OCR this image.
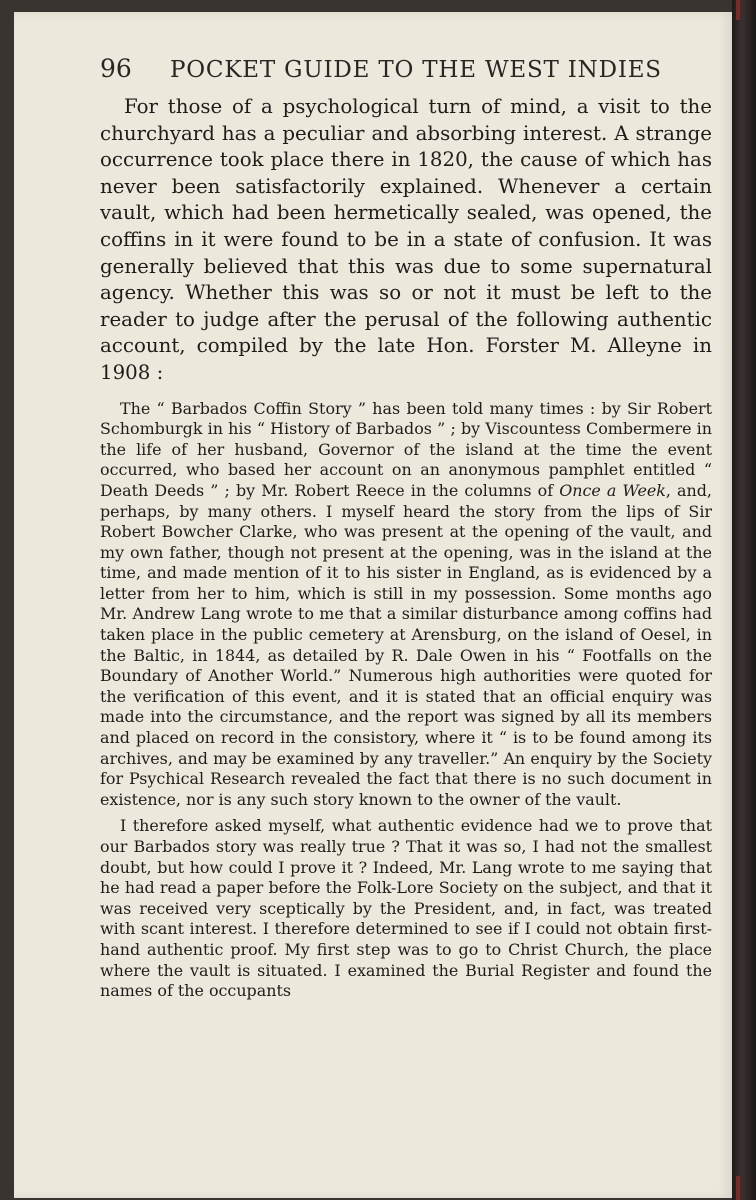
96	POCKET GUIDE TO THE WEST INDIES

For those of a psychological turn of mind, a visit to the churchyard has a peculiar and absorbing interest. A strange occurrence took place there in 1820, the cause of which has never been satisfactorily explained. Whenever a certain vault, which had been hermetically sealed, was opened, the coffins in it were found to be in a state of confusion. It was generally believed that this was due to some supernatural agency. Whether this was so or not it must be left to the reader to judge after the perusal of the following authentic account, compiled by the late Hon. Forster M. Alleyne in 1908 :

The “ Barbados Coffin Story ” has been told many times : by Sir Robert Schomburgk in his “ History of Barbados ” ; by Viscountess Combermere in the life of her husband, Governor of the island at the time the event occurred, who based her account on an anonymous pamphlet entitled “ Death Deeds ” ; by Mr. Robert Reece in the columns of Once a Week, and, perhaps, by many others. I myself heard the story from the lips of Sir Robert Bowcher Clarke, who was present at the opening of the vault, and my own father, though not present at the opening, was in the island at the time, and made mention of it to his sister in England, as is evidenced by a letter from her to him, which is still in my possession. Some months ago Mr. Andrew Lang wrote to me that a similar disturbance among coffins had taken place in the public cemetery at Arensburg, on the island of Oesel, in the Baltic, in 1844, as detailed by R. Dale Owen in his “ Footfalls on the Boundary of Another World.” Numerous high authorities were quoted for the verification of this event, and it is stated that an official enquiry was made into the circumstance, and the report was signed by all its members and placed on record in the consistory, where it “ is to be found among its archives, and may be examined by any traveller.” An enquiry by the Society for Psychical Research revealed the fact that there is no such document in existence, nor is any such story known to the owner of the vault.

I therefore asked myself, what authentic evidence had we to prove that our Barbados story was really true ? That it was so, I had not the smallest doubt, but how could I prove it ? Indeed, Mr. Lang wrote to me saying that he had read a paper before the Folk-Lore Society on the subject, and that it was received very sceptically by the President, and, in fact, was treated with scant interest. I therefore determined to see if I could not obtain first-hand authentic proof. My first step was to go to Christ Church, the place where the vault is situated. I examined the Burial Register and found the names of the occupants
